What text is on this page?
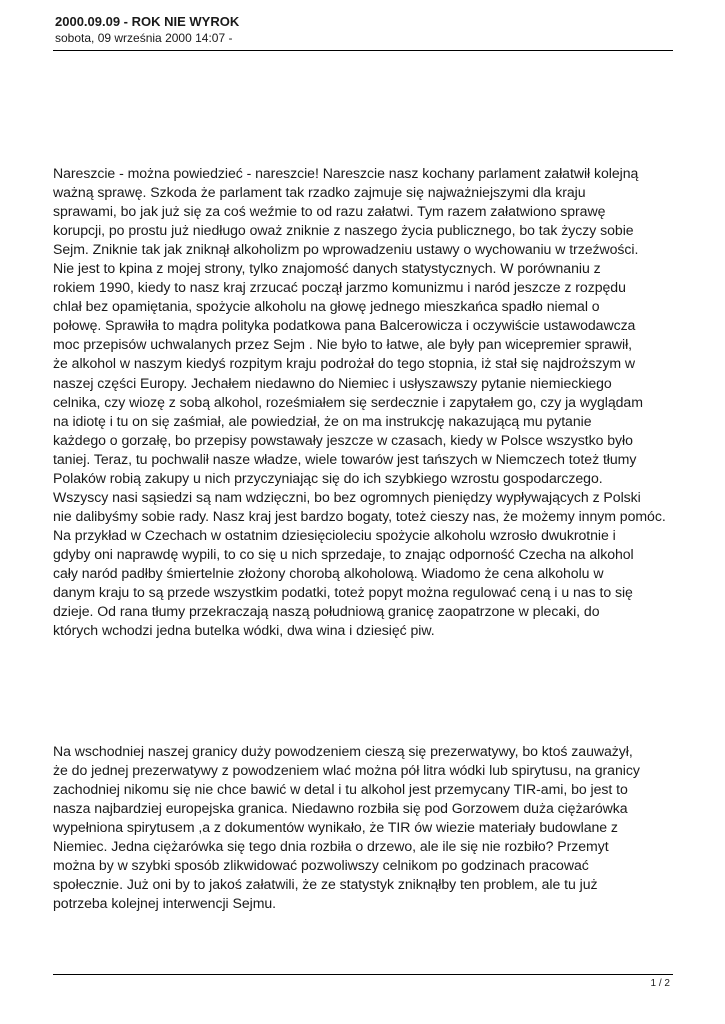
2000.09.09 - ROK NIE WYROK
sobota, 09 września 2000 14:07 -
Nareszcie - można powiedzieć - nareszcie! Nareszcie nasz kochany parlament załatwił kolejną
ważną sprawę. Szkoda że parlament tak rzadko zajmuje się najważniejszymi dla kraju
sprawami, bo jak już się za coś weźmie to od razu załatwi. Tym razem załatwiono sprawę
korupcji, po prostu już niedługo oważ zniknie z naszego życia publicznego, bo tak życzy sobie
Sejm. Zniknie tak jak zniknął alkoholizm po wprowadzeniu ustawy o wychowaniu w trzeźwości.
Nie jest to kpina z mojej strony, tylko znajomość danych statystycznych. W porównaniu z
rokiem 1990, kiedy to nasz kraj zrzucać począł jarzmo komunizmu i naród jeszcze z rozpędu
chlał bez opamiętania, spożycie alkoholu na głowę jednego mieszkańca spadło niemal o
połowę. Sprawiła to mądra polityka podatkowa pana Balcerowicza i oczywiście ustawodawcza
moc przepisów uchwalanych przez Sejm . Nie było to łatwe, ale były pan wicepremier sprawił,
że alkohol w naszym kiedyś rozpitym kraju podrożał do tego stopnia, iż stał się najdroższym w
naszej części Europy. Jechałem niedawno do Niemiec i usłyszawszy pytanie niemieckiego
celnika, czy wiozę z sobą alkohol, roześmiałem się serdecznie i zapytałem go, czy ja wyglądam
na idiotę i tu on się zaśmiał, ale powiedział, że on ma instrukcję nakazującą mu pytanie
każdego o gorzałę, bo przepisy powstawały jeszcze w czasach, kiedy w Polsce wszystko było
taniej. Teraz, tu pochwalił nasze władze, wiele towarów jest tańszych w Niemczech toteż tłumy
Polaków robią zakupy u nich przyczyniając się do ich szybkiego wzrostu gospodarczego.
Wszyscy nasi sąsiedzi są nam wdzięczni, bo bez ogromnych pieniędzy wypływających z Polski
nie dalibyśmy sobie rady. Nasz kraj jest bardzo bogaty, toteż cieszy nas, że możemy innym pomóc.
Na przykład w Czechach w ostatnim dziesięcioleciu spożycie alkoholu wzrosło dwukrotnie i
gdyby oni naprawdę wypili, to co się u nich sprzedaje, to znając odporność Czecha na alkohol
cały naród padłby śmiertelnie złożony chorobą alkoholową. Wiadomo że cena alkoholu w
danym kraju to są przede wszystkim podatki, toteż popyt można regulować ceną i u nas to się
dzieje. Od rana tłumy przekraczają naszą południową granicę zaopatrzone w plecaki, do
których wchodzi jedna butelka wódki, dwa wina i dziesięć piw.
Na wschodniej naszej granicy duży powodzeniem cieszą się prezerwatywy, bo ktoś zauważył,
że do jednej prezerwatywy z powodzeniem wlać można pół litra wódki lub spirytusu, na granicy
zachodniej nikomu się nie chce bawić w detal i tu alkohol jest przemycany TIR-ami, bo jest to
nasza najbardziej europejska granica. Niedawno rozbiła się pod Gorzowem duża ciężarówka
wypełniona spirytusem ,a z dokumentów wynikało, że TIR ów wiezie materiały budowlane z
Niemiec. Jedna ciężarówka się tego dnia rozbiła o drzewo, ale ile się nie rozbiło? Przemyt
można by w szybki sposób zlikwidować pozwoliwszy celnikom po godzinach pracować
społecznie. Już oni by to jakoś załatwili, że ze statystyk zniknąłby ten problem, ale tu już
potrzeba kolejnej interwencji Sejmu.
1 / 2
